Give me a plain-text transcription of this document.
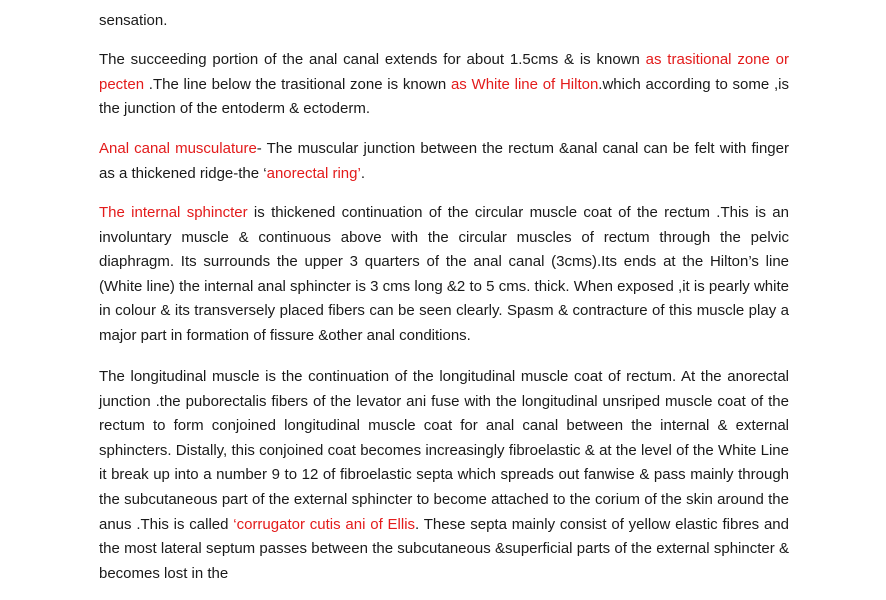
sensation.

The succeeding portion of the anal canal extends for about 1.5cms & is known as trasitional zone or pecten .The line below the trasitional zone is known as White line of Hilton.which according to some ,is the junction of the entoderm & ectoderm.

Anal canal musculature- The muscular junction between the rectum &anal canal can be felt with finger as a thickened ridge-the ‘anorectal ring’.

The internal sphincter is thickened continuation of the circular muscle coat of the rectum .This is an involuntary muscle & continuous above with the circular muscles of rectum through the pelvic diaphragm. Its surrounds the upper 3 quarters of the anal canal (3cms).Its ends at the Hilton’s line (White line) the internal anal sphincter is 3 cms long &2 to 5 cms. thick. When exposed ,it is pearly white in colour & its transversely placed fibers can be seen clearly. Spasm & contracture of this muscle play a major part in formation of fissure &other anal conditions.

The longitudinal muscle is the continuation of the longitudinal muscle coat of rectum. At the anorectal junction .the puborectalis fibers of the levator ani fuse with the longitudinal unsriped muscle coat of the rectum to form conjoined longitudinal muscle coat for anal canal between the internal & external sphincters. Distally, this conjoined coat becomes increasingly fibroelastic & at the level of the White Line it break up into a number 9 to 12 of fibroelastic septa which spreads out fanwise & pass mainly through the subcutaneous part of the external sphincter to become attached to the corium of the skin around the anus .This is called ‘corrugator cutis ani of Ellis. These septa mainly consist of yellow elastic fibres and the most lateral septum passes between the subcutaneous &superficial parts of the external sphincter & becomes lost in the
